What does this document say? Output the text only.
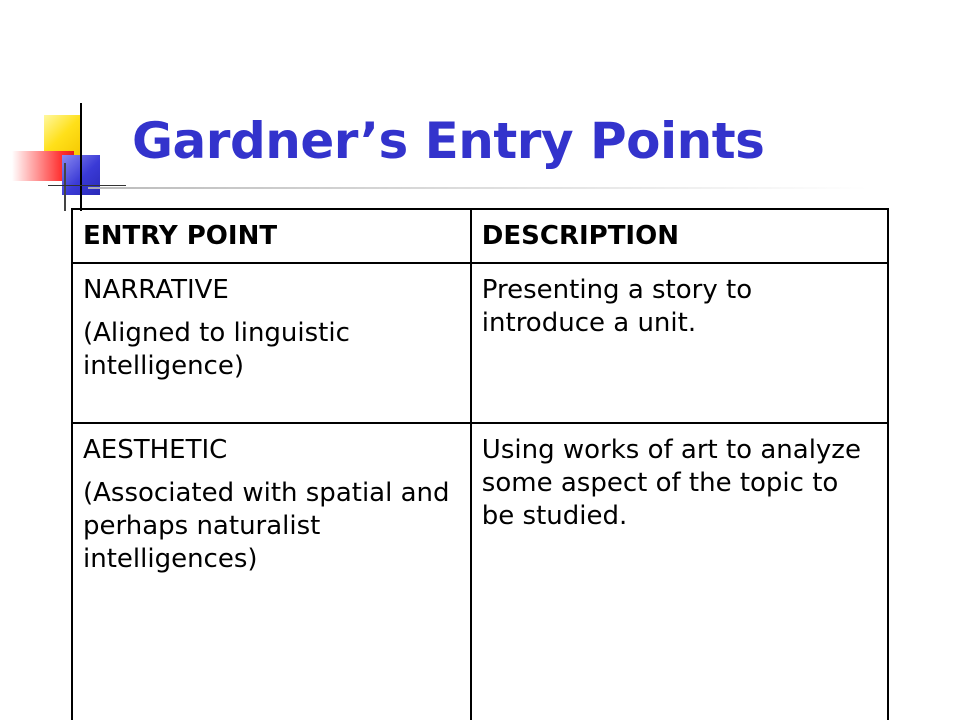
Gardner’s Entry Points
ENTRY POINT	DESCRIPTION

NARRATIVE
(Aligned to linguistic intelligence)	Presenting a story to introduce a unit.

AESTHETIC
(Associated with spatial and perhaps naturalist intelligences)	Using works of art to analyze some aspect of the topic to be studied.
